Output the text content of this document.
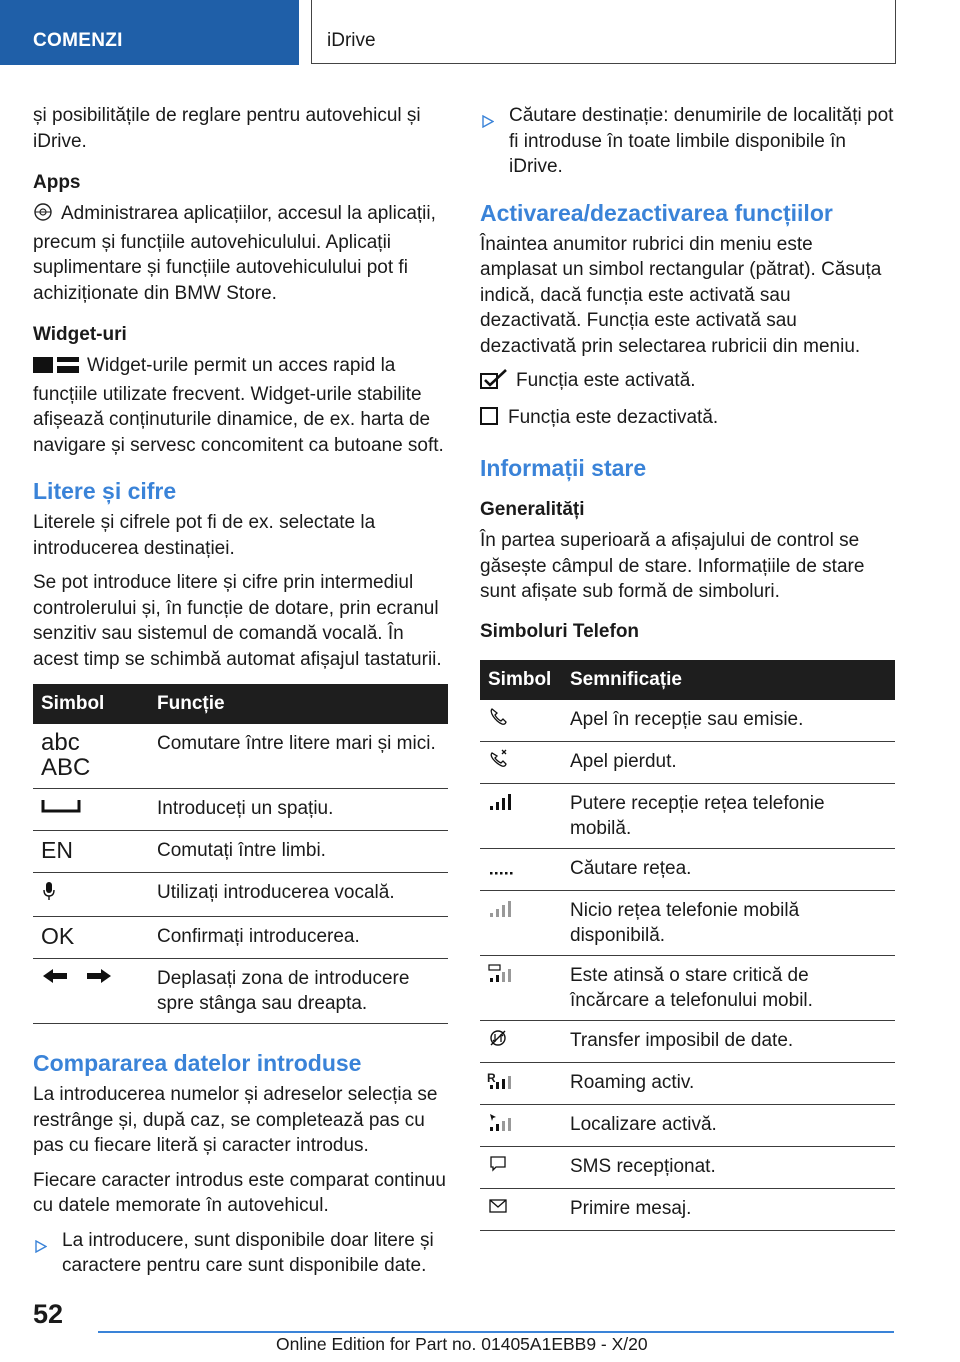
COMENZI	iDrive

și posibilitățile de reglare pentru autovehicul și iDrive.

Apps

Administrarea aplicațiilor, accesul la aplicații, precum și funcțiile autovehiculului. Aplicații suplimentare și funcțiile autovehiculului pot fi achiziționate din BMW Store.

Widget-uri

Widget-urile permit un acces rapid la funcțiile utilizate frecvent. Widget-urile stabilite afișează conținuturile dinamice, de ex. harta de navigare și servesc concomitent ca butoane soft.

Litere și cifre

Literele și cifrele pot fi de ex. selectate la introducerea destinației.

Se pot introduce litere și cifre prin intermediul controlerului și, în funcție de dotare, prin ecranul senzitiv sau sistemul de comandă vocală. În acest timp se schimbă automat afișajul tastaturii.

Simbol	Funcție

abc
ABC	Comutare între litere mari și mici.
	Introduceți un spațiu.
EN	Comutați între limbi.
	Utilizați introducerea vocală.
OK	Confirmați introducerea.
	Deplasați zona de introducere spre stânga sau dreapta.
Compararea datelor introduse

La introducerea numelor și adreselor selecția se restrânge și, după caz, se completează pas cu pas cu fiecare literă și caracter introdus.

Fiecare caracter introdus este comparat continuu cu datele memorate în autovehicul.

La introducere, sunt disponibile doar litere și caractere pentru care sunt disponibile date.

Căutare destinație: denumirile de localități pot fi introduse în toate limbile disponibile în iDrive.

Activarea/dezactivarea funcțiilor

Înaintea anumitor rubrici din meniu este amplasat un simbol rectangular (pătrat). Căsuța indică, dacă funcția este activată sau dezactivată. Funcția este activată sau dezactivată prin selectarea rubricii din meniu.

Funcția este activată.
Funcția este dezactivată.
Informații stare
Generalități

În partea superioară a afișajului de control se găsește câmpul de stare. Informațiile de stare sunt afișate sub formă de simboluri.

Simboluri Telefon
Simbol	Semnificație
	Apel în recepție sau emisie.
	Apel pierdut.
	Putere recepție rețea telefonie mobilă.
	Căutare rețea.
	Nicio rețea telefonie mobilă disponibilă.
	Este atinsă o stare critică de încărcare a telefonului mobil.
	Transfer imposibil de date.

R	Roaming activ.
	Localizare activă.
	SMS recepționat.
	Primire mesaj.
52
Online Edition for Part no. 01405A1EBB9 - X/20
